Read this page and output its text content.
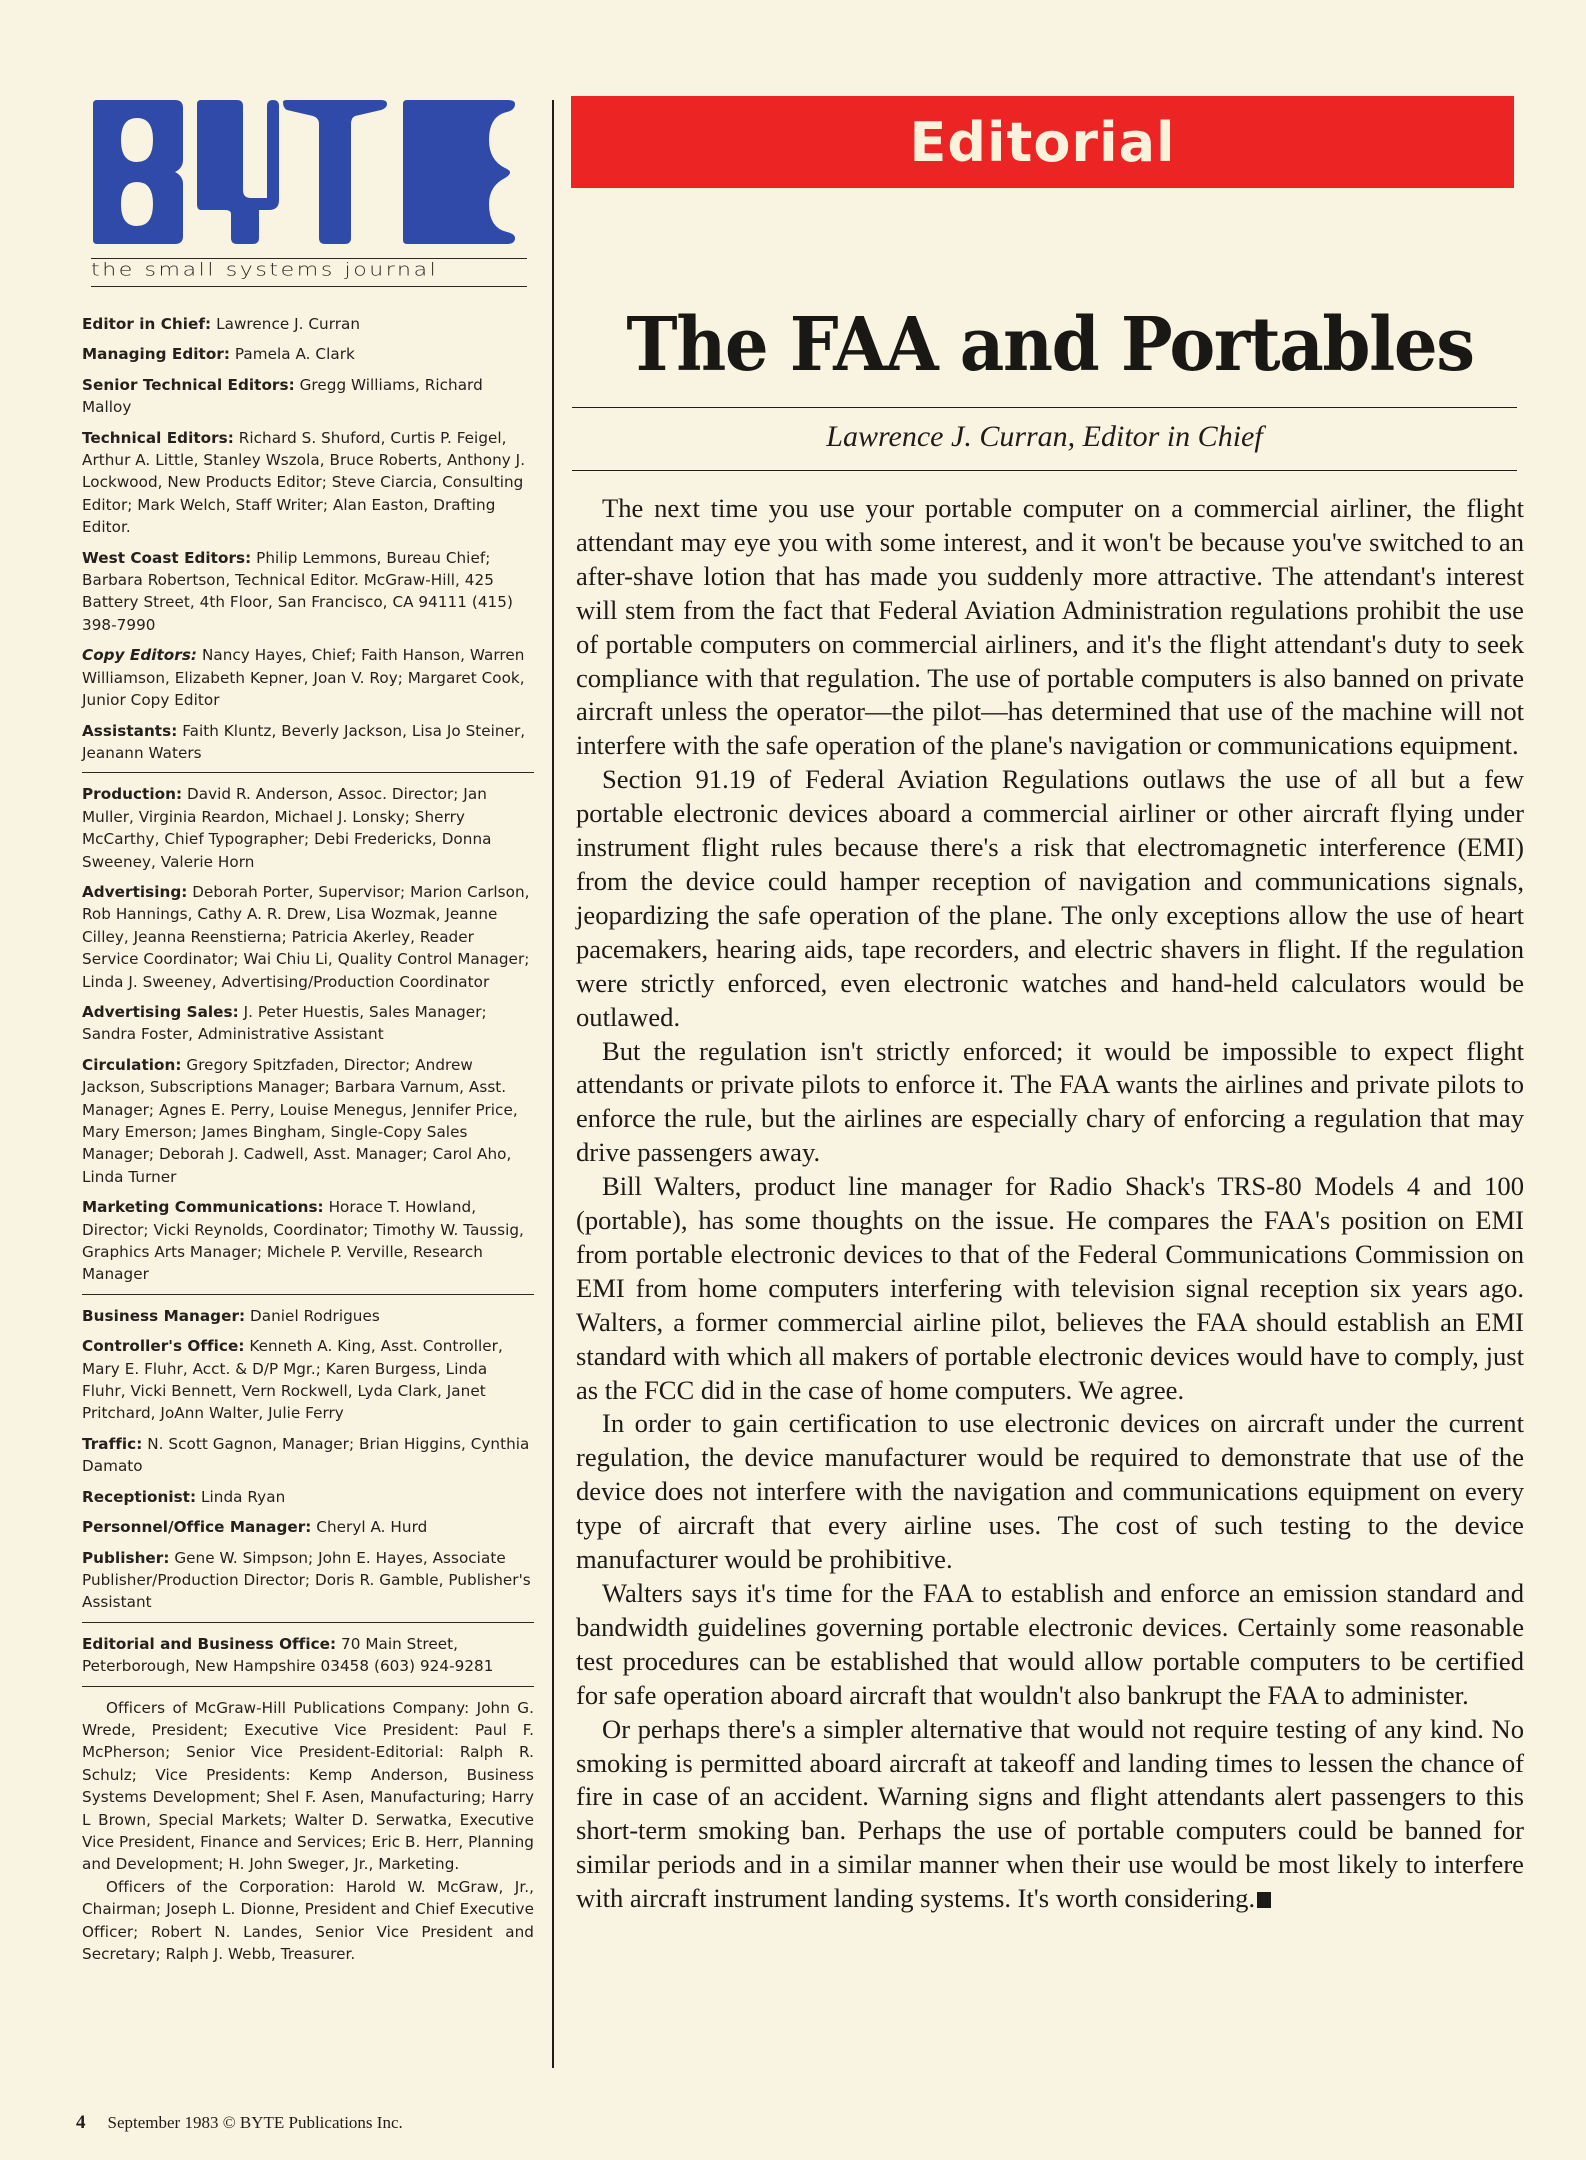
the small systems journal
Editor in Chief: Lawrence J. Curran
Managing Editor: Pamela A. Clark
Senior Technical Editors: Gregg Williams, Richard Malloy
Technical Editors: Richard S. Shuford, Curtis P. Feigel, Arthur A. Little, Stanley Wszola, Bruce Roberts, Anthony J. Lockwood, New Products Editor; Steve Ciarcia, Consulting Editor; Mark Welch, Staff Writer; Alan Easton, Drafting Editor.
West Coast Editors: Philip Lemmons, Bureau Chief; Barbara Robertson, Technical Editor. McGraw-Hill, 425 Battery Street, 4th Floor, San Francisco, CA 94111 (415) 398-7990
Copy Editors: Nancy Hayes, Chief; Faith Hanson, Warren Williamson, Elizabeth Kepner, Joan V. Roy; Margaret Cook, Junior Copy Editor
Assistants: Faith Kluntz, Beverly Jackson, Lisa Jo Steiner, Jeanann Waters
Production: David R. Anderson, Assoc. Director; Jan Muller, Virginia Reardon, Michael J. Lonsky; Sherry McCarthy, Chief Typographer; Debi Fredericks, Donna Sweeney, Valerie Horn
Advertising: Deborah Porter, Supervisor; Marion Carlson, Rob Hannings, Cathy A. R. Drew, Lisa Wozmak, Jeanne Cilley, Jeanna Reenstierna; Patricia Akerley, Reader Service Coordinator; Wai Chiu Li, Quality Control Manager; Linda J. Sweeney, Advertising/Production Coordinator
Advertising Sales: J. Peter Huestis, Sales Manager; Sandra Foster, Administrative Assistant
Circulation: Gregory Spitzfaden, Director; Andrew Jackson, Subscriptions Manager; Barbara Varnum, Asst. Manager; Agnes E. Perry, Louise Menegus, Jennifer Price, Mary Emerson; James Bingham, Single-Copy Sales Manager; Deborah J. Cadwell, Asst. Manager; Carol Aho, Linda Turner
Marketing Communications: Horace T. Howland, Director; Vicki Reynolds, Coordinator; Timothy W. Taussig, Graphics Arts Manager; Michele P. Verville, Research Manager
Business Manager: Daniel Rodrigues
Controller's Office: Kenneth A. King, Asst. Controller, Mary E. Fluhr, Acct. & D/P Mgr.; Karen Burgess, Linda Fluhr, Vicki Bennett, Vern Rockwell, Lyda Clark, Janet Pritchard, JoAnn Walter, Julie Ferry
Traffic: N. Scott Gagnon, Manager; Brian Higgins, Cynthia Damato
Receptionist: Linda Ryan
Personnel/Office Manager: Cheryl A. Hurd
Publisher: Gene W. Simpson; John E. Hayes, Associate Publisher/Production Director; Doris R. Gamble, Publisher's Assistant
Editorial and Business Office: 70 Main Street, Peterborough, New Hampshire 03458 (603) 924-9281

Officers of McGraw-Hill Publications Company: John G. Wrede, President; Executive Vice President: Paul F. McPherson; Senior Vice President-Editorial: Ralph R. Schulz; Vice Presidents: Kemp Anderson, Business Systems Development; Shel F. Asen, Manufacturing; Harry L Brown, Special Markets; Walter D. Serwatka, Executive Vice President, Finance and Services; Eric B. Herr, Planning and Development; H. John Sweger, Jr., Marketing.

Officers of the Corporation: Harold W. McGraw, Jr., Chairman; Joseph L. Dionne, President and Chief Executive Officer; Robert N. Landes, Senior Vice President and Secretary; Ralph J. Webb, Treasurer.

Editorial
The FAA and Portables
Lawrence J. Curran, Editor in Chief

The next time you use your portable computer on a commercial airliner, the flight attendant may eye you with some interest, and it won't be because you've switched to an after-shave lotion that has made you suddenly more attractive. The attendant's interest will stem from the fact that Federal Aviation Administration regulations prohibit the use of portable computers on commercial airliners, and it's the flight attendant's duty to seek compliance with that regulation. The use of portable computers is also banned on private aircraft unless the operator—the pilot—has determined that use of the machine will not interfere with the safe operation of the plane's navigation or communications equipment.

Section 91.19 of Federal Aviation Regulations outlaws the use of all but a few portable electronic devices aboard a commercial airliner or other aircraft flying under instrument flight rules because there's a risk that electromagnetic interference (EMI) from the device could hamper reception of navigation and communications signals, jeopardizing the safe operation of the plane. The only exceptions allow the use of heart pacemakers, hearing aids, tape recorders, and electric shavers in flight. If the regulation were strictly enforced, even electronic watches and hand-held calculators would be outlawed.

But the regulation isn't strictly enforced; it would be impossible to expect flight attendants or private pilots to enforce it. The FAA wants the airlines and private pilots to enforce the rule, but the airlines are especially chary of enforcing a regulation that may drive passengers away.

Bill Walters, product line manager for Radio Shack's TRS-80 Models 4 and 100 (portable), has some thoughts on the issue. He compares the FAA's position on EMI from portable electronic devices to that of the Federal Communications Commission on EMI from home computers interfering with television signal reception six years ago. Walters, a former commercial airline pilot, believes the FAA should establish an EMI standard with which all makers of portable electronic devices would have to comply, just as the FCC did in the case of home computers. We agree.

In order to gain certification to use electronic devices on aircraft under the current regulation, the device manufacturer would be required to demonstrate that use of the device does not interfere with the navigation and communications equipment on every type of aircraft that every airline uses. The cost of such testing to the device manufacturer would be prohibitive.

Walters says it's time for the FAA to establish and enforce an emission standard and bandwidth guidelines governing portable electronic devices. Certainly some reasonable test procedures can be established that would allow portable computers to be certified for safe operation aboard aircraft that wouldn't also bankrupt the FAA to administer.

Or perhaps there's a simpler alternative that would not require testing of any kind. No smoking is permitted aboard aircraft at takeoff and landing times to lessen the chance of fire in case of an accident. Warning signs and flight attendants alert passengers to this short-term smoking ban. Perhaps the use of portable computers could be banned for similar periods and in a similar manner when their use would be most likely to interfere with aircraft instrument landing systems. It's worth considering.

4 September 1983 © BYTE Publications Inc.
